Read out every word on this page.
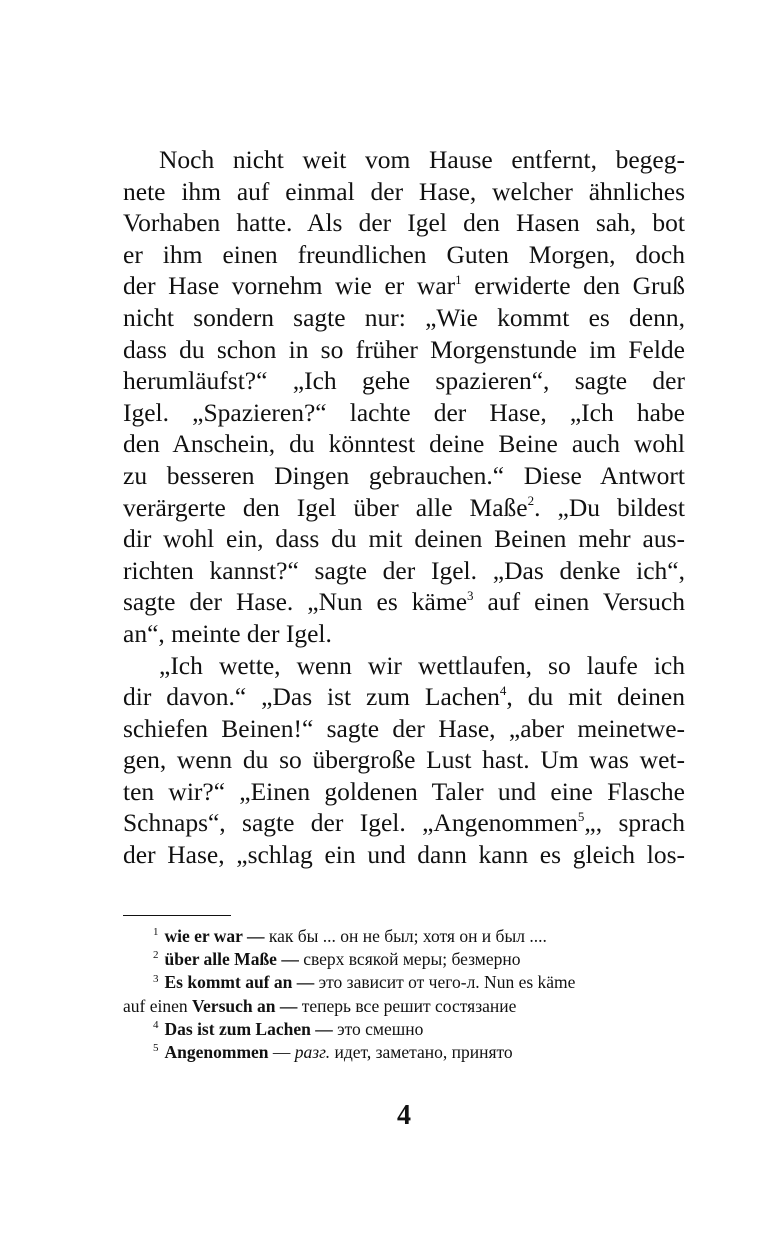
Noch nicht weit vom Hause entfernt, begeg-
nete ihm auf einmal der Hase, welcher ähnliches
Vorhaben hatte. Als der Igel den Hasen sah, bot
er ihm einen freundlichen Guten Morgen, doch
der Hase vornehm wie er war$^1$ erwiderte den Gruß
nicht sondern sagte nur: „Wie kommt es denn,
dass du schon in so früher Morgenstunde im Felde
herumläufst?“ „Ich gehe spazieren“, sagte der
Igel. „Spazieren?“ lachte der Hase, „Ich habe
den Anschein, du könntest deine Beine auch wohl
zu besseren Dingen gebrauchen.“ Diese Antwort
verärgerte den Igel über alle Maße$^2$. „Du bildest
dir wohl ein, dass du mit deinen Beinen mehr aus-
richten kannst?“ sagte der Igel. „Das denke ich“,
sagte der Hase. „Nun es käme$^3$ auf einen Versuch
an“, meinte der Igel.

„Ich wette, wenn wir wettlaufen, so laufe ich
dir davon.“ „Das ist zum Lachen$^4$, du mit deinen
schiefen Beinen!“ sagte der Hase, „aber meinetwe-
gen, wenn du so übergroße Lust hast. Um was wet-
ten wir?“ „Einen goldenen Taler und eine Flasche
Schnaps“, sagte der Igel. „Angenommen$^5$„, sprach
der Hase, „schlag ein und dann kann es gleich los-

$^1$ wie er war — как бы ... он не был; хотя он и был ....
$^2$ über alle Maße — сверх всякой меры; безмерно
$^3$ Es kommt auf an — это зависит от чего-л. Nun es käme
auf einen Versuch an — теперь все решит состязание
$^4$ Das ist zum Lachen — это смешно
$^5$ Angenommen — разг. идет, заметано, принято
4
